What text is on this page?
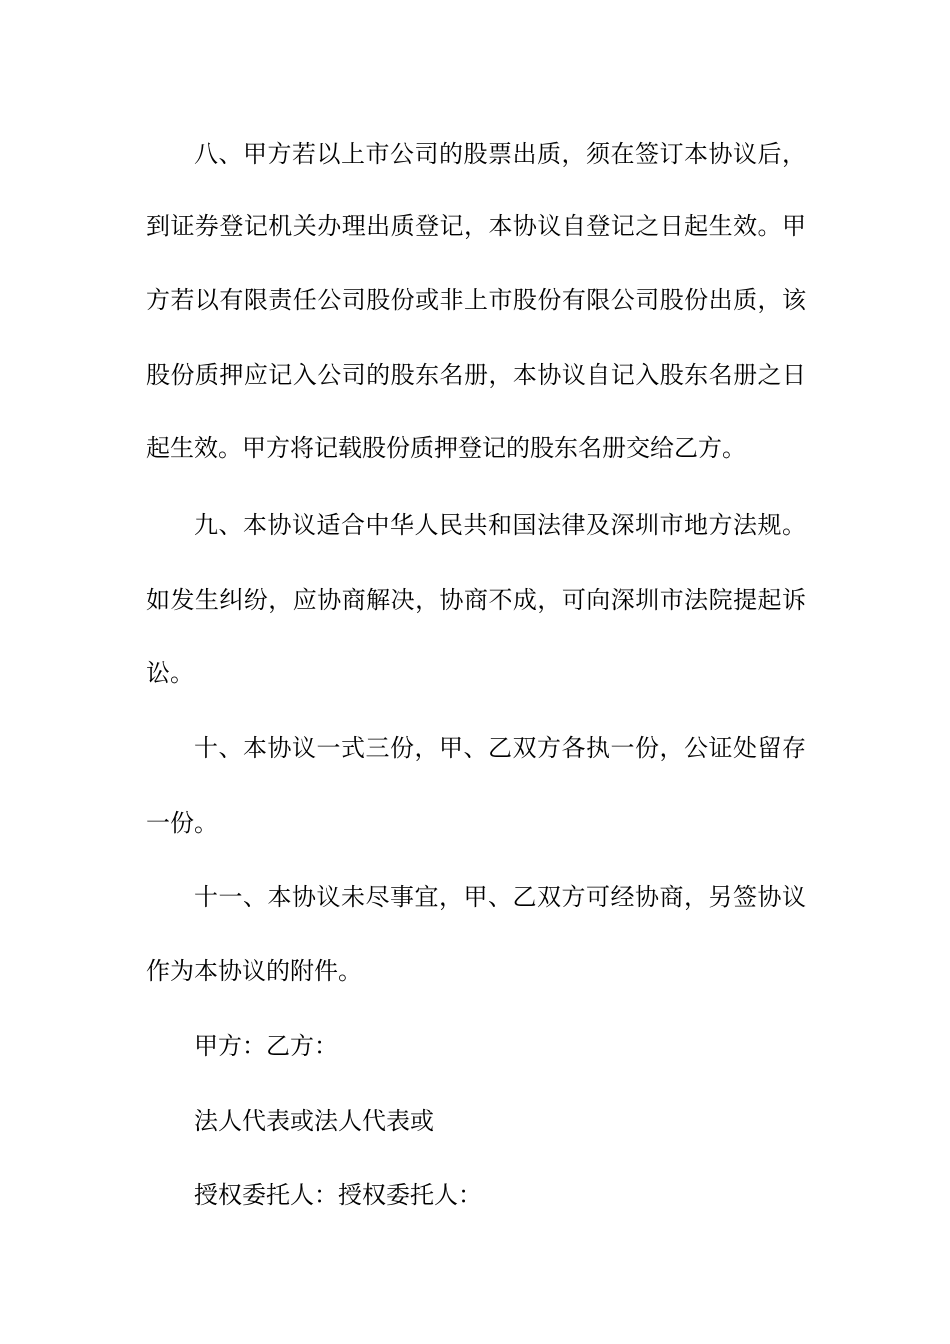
八、甲方若以上市公司的股票出质，须在签订本协议后，
到证券登记机关办理出质登记，本协议自登记之日起生效。甲
方若以有限责任公司股份或非上市股份有限公司股份出质，该
股份质押应记入公司的股东名册，本协议自记入股东名册之日
起生效。甲方将记载股份质押登记的股东名册交给乙方。
九、本协议适合中华人民共和国法律及深圳市地方法规。
如发生纠纷，应协商解决，协商不成，可向深圳市法院提起诉
讼。
十、本协议一式三份，甲、乙双方各执一份，公证处留存
一份。
十一、本协议未尽事宜，甲、乙双方可经协商，另签协议
作为本协议的附件。
甲方：乙方：
法人代表或法人代表或
授权委托人：授权委托人：
